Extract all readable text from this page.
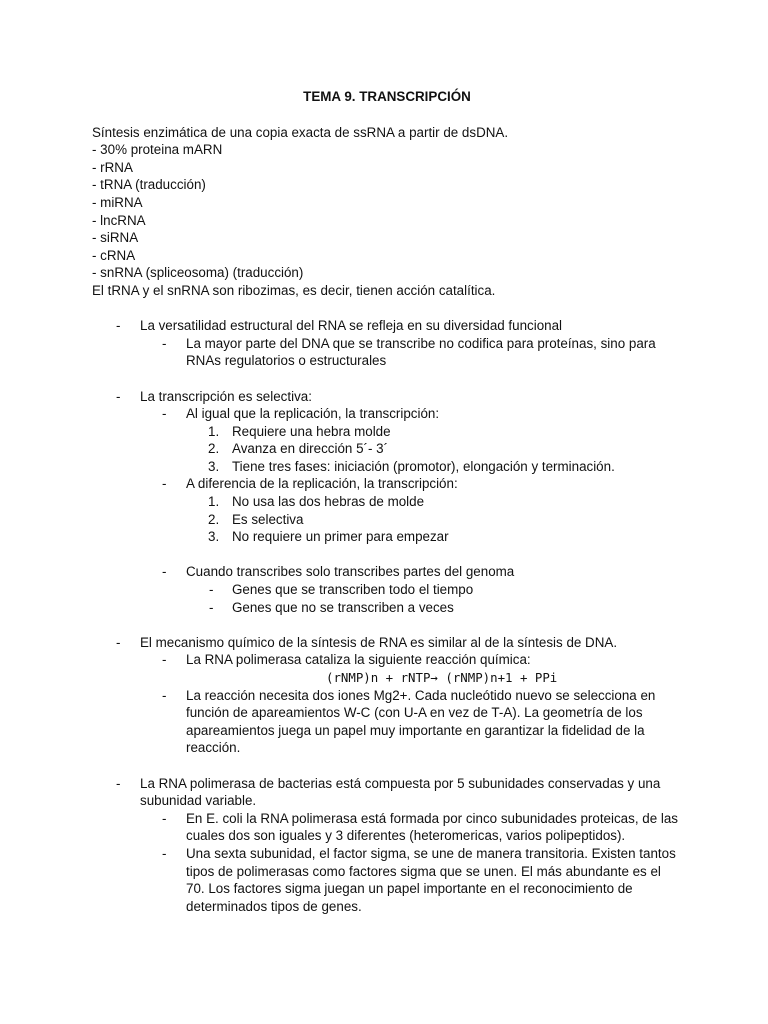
TEMA 9. TRANSCRIPCIÓN
Síntesis enzimática de una copia exacta de ssRNA a partir de dsDNA.
- 30% proteina mARN
- rRNA
- tRNA (traducción)
- miRNA
- lncRNA
- siRNA
- cRNA
- snRNA (spliceosoma) (traducción)
El tRNA y el snRNA son ribozimas, es decir, tienen acción catalítica.
- La versatilidad estructural del RNA se refleja en su diversidad funcional
- La mayor parte del DNA que se transcribe no codifica para proteínas, sino para RNAs regulatorios o estructurales
- La transcripción es selectiva:
- Al igual que la replicación, la transcripción:
1. Requiere una hebra molde
2. Avanza en dirección 5´- 3´
3. Tiene tres fases: iniciación (promotor), elongación y terminación.
- A diferencia de la replicación, la transcripción:
1. No usa las dos hebras de molde
2. Es selectiva
3. No requiere un primer para empezar
- Cuando transcribes solo transcribes partes del genoma
- Genes que se transcriben todo el tiempo
- Genes que no se transcriben a veces
- El mecanismo químico de la síntesis de RNA es similar al de la síntesis de DNA.
- La RNA polimerasa cataliza la siguiente reacción química:
(rNMP)n + rNTP→ (rNMP)n+1 + PPi
- La reacción necesita dos iones Mg2+. Cada nucleótido nuevo se selecciona en función de apareamientos W-C (con U-A en vez de T-A). La geometría de los apareamientos juega un papel muy importante en garantizar la fidelidad de la reacción.
- La RNA polimerasa de bacterias está compuesta por 5 subunidades conservadas y una subunidad variable.
- En E. coli la RNA polimerasa está formada por cinco subunidades proteicas, de las cuales dos son iguales y 3 diferentes (heteromericas, varios polipeptidos).
- Una sexta subunidad, el factor sigma, se une de manera transitoria. Existen tantos tipos de polimerasas como factores sigma que se unen. El más abundante es el 70. Los factores sigma juegan un papel importante en el reconocimiento de determinados tipos de genes.
